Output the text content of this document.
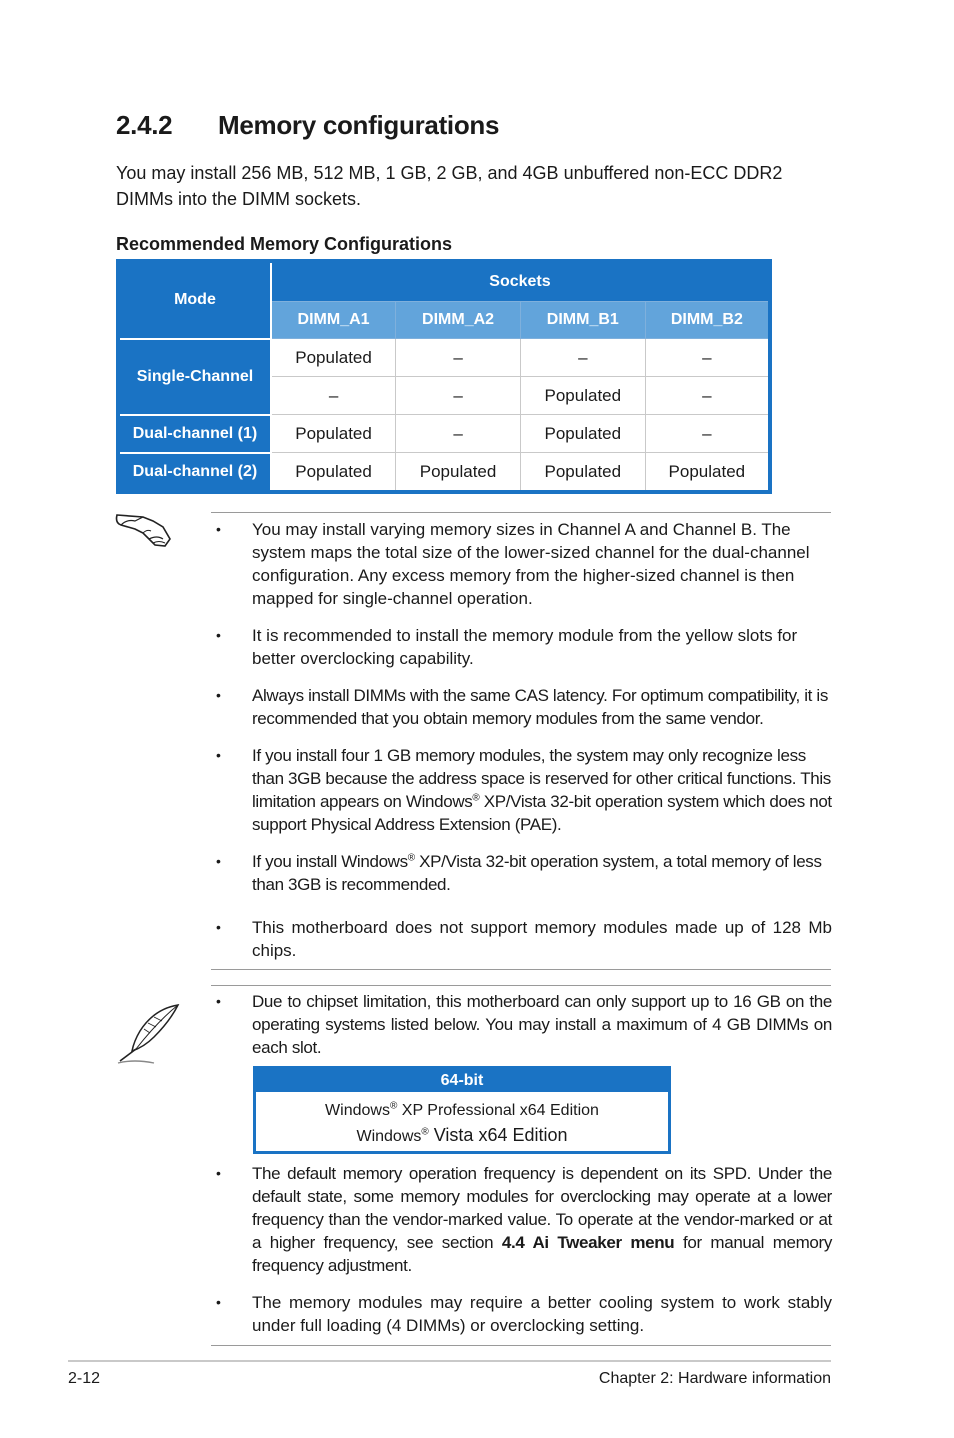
2.4.2	Memory configurations
You may install 256 MB, 512 MB, 1 GB, 2 GB, and 4GB unbuffered non-ECC DDR2 DIMMs into the DIMM sockets.
Recommended Memory Configurations
Mode	Sockets			
	DIMM_A1	DIMM_A2	DIMM_B1	DIMM_B2
Single-Channel	Populated	–	–	–
	–	–	Populated	–
Dual-channel (1)	Populated	–	Populated	–
Dual-channel (2)	Populated	Populated	Populated	Populated
• You may install varying memory sizes in Channel A and Channel B. The system maps the total size of the lower-sized channel for the dual-channel configuration. Any excess memory from the higher-sized channel is then mapped for single-channel operation.
• It is recommended to install the memory module from the yellow slots for better overclocking capability.
• Always install DIMMs with the same CAS latency. For optimum compatibility, it is recommended that you obtain memory modules from the same vendor.
• If you install four 1 GB memory modules, the system may only recognize less than 3GB because the address space is reserved for other critical functions. This limitation appears on Windows® XP/Vista 32-bit operation system which does not support Physical Address Extension (PAE).
• If you install Windows® XP/Vista 32-bit operation system, a total memory of less than 3GB is recommended.
• This motherboard does not support memory modules made up of 128 Mb chips.
• Due to chipset limitation, this motherboard can only support up to 16 GB on the operating systems listed below. You may install a maximum of 4 GB DIMMs on each slot.
64-bit
Windows® XP Professional x64 Edition
Windows® Vista x64 Edition
• The default memory operation frequency is dependent on its SPD. Under the default state, some memory modules for overclocking may operate at a lower frequency than the vendor-marked value. To operate at the vendor-marked or at a higher frequency, see section 4.4 Ai Tweaker menu for manual memory frequency adjustment.
• The memory modules may require a better cooling system to work stably under full loading (4 DIMMs) or overclocking setting.
2-12	Chapter 2: Hardware information
